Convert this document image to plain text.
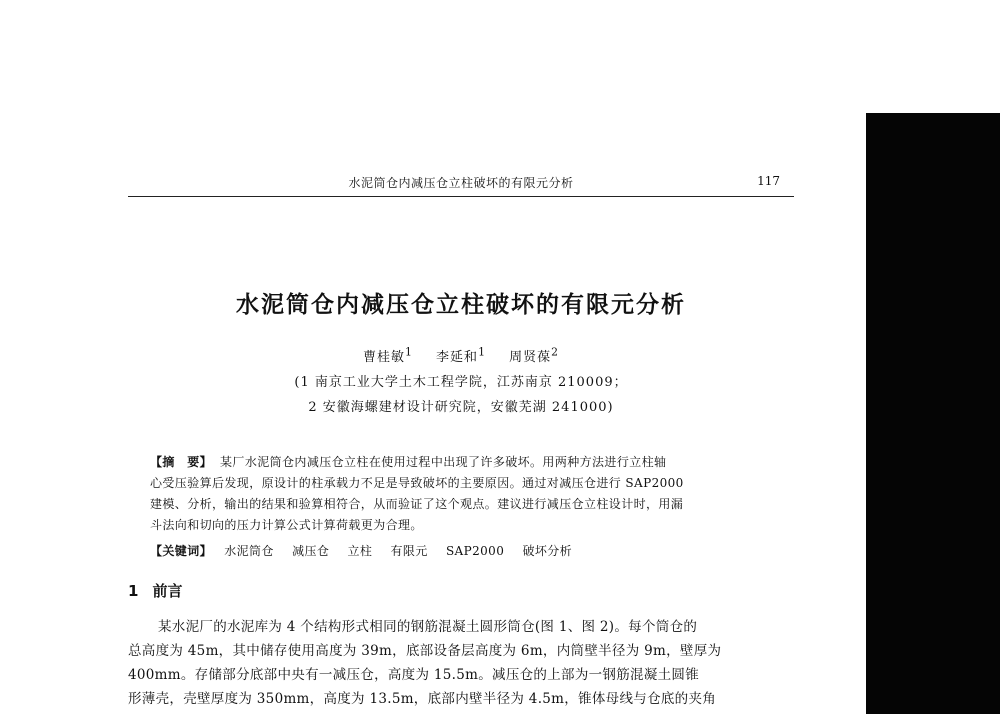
水泥筒仓内减压仓立柱破坏的有限元分析	117
水泥筒仓内减压仓立柱破坏的有限元分析
曹桂敏$^1$ 李延和$^1$ 周贤葆$^2$
(1 南京工业大学土木工程学院，江苏南京 210009；
2 安徽海螺建材设计研究院，安徽芜湖 241000)
【摘　要】 某厂水泥筒仓内减压仓立柱在使用过程中出现了许多破坏。用两种方法进行立柱轴
心受压验算后发现，原设计的柱承载力不足是导致破坏的主要原因。通过对减压仓进行 SAP2000
建模、分析，输出的结果和验算相符合，从而验证了这个观点。建议进行减压仓立柱设计时，用漏
斗法向和切向的压力计算公式计算荷载更为合理。
【关键词】 水泥筒仓 减压仓 立柱 有限元 SAP2000 破坏分析
1 前言
某水泥厂的水泥库为 4 个结构形式相同的钢筋混凝土圆形筒仓(图 1、图 2)。每个筒仓的
总高度为 45m，其中储存使用高度为 39m，底部设备层高度为 6m，内筒壁半径为 9m，壁厚为
400mm。存储部分底部中央有一减压仓，高度为 15.5m。减压仓的上部为一钢筋混凝土圆锥
形薄壳，壳壁厚度为 350mm，高度为 13.5m，底部内壁半径为 4.5m，锥体母线与仓底的夹角
